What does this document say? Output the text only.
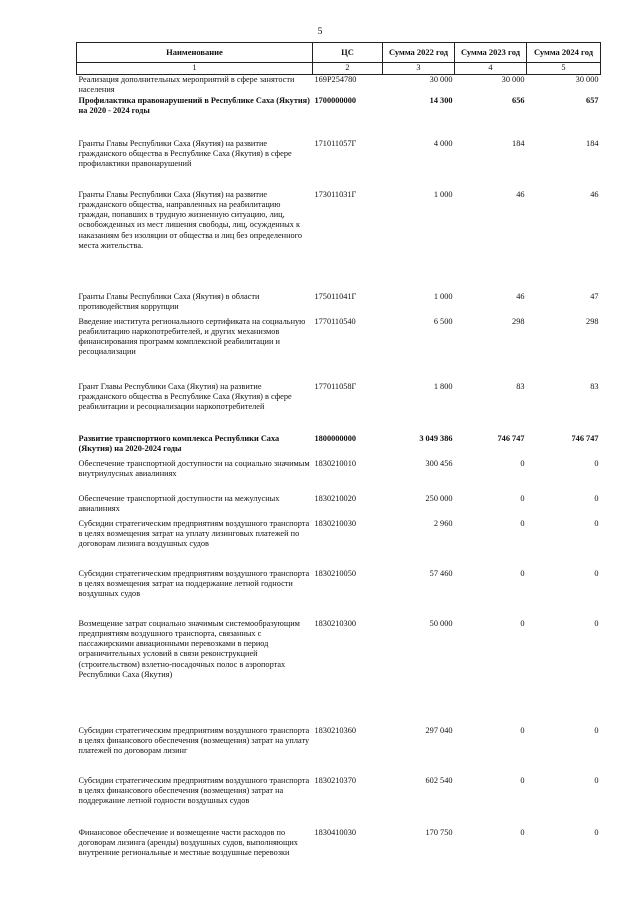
5
Наименование	ЦС	Сумма 2022 год	Сумма 2023 год	Сумма 2024 год
1	2	3	4	5
Реализация дополнительных мероприятий в сфере занятости населения	169P254780	30 000	30 000	30 000
Профилактика правонарушений в Республике Саха (Якутия) на 2020 - 2024 годы	1700000000	14 300	656	657
Гранты Главы Республики Саха (Якутия) на развитие гражданского общества в Республике Саха (Якутия) в сфере профилактики правонарушений	171011057Г	4 000	184	184
Гранты Главы Республики Саха (Якутия) на развитие гражданского общества, направленных на реабилитацию граждан, попавших в трудную жизненную ситуацию, лиц, освобожденных из мест лишения свободы, лиц, осужденных к наказаниям без изоляции от общества и лиц без определенного места жительства.	173011031Г	1 000	46	46
Гранты Главы Республики Саха (Якутия) в области противодействия коррупции	175011041Г	1 000	46	47
Введение института регионального сертификата на социальную реабилитацию наркопотребителей, и других механизмов финансирования программ комплексной реабилитации и ресоциализации	1770110540	6 500	298	298
Грант Главы Республики Саха (Якутия) на развитие гражданского общества в Республике Саха (Якутия) в сфере реабилитации и ресоциализации наркопотребителей	177011058Г	1 800	83	83
Развитие транспортного комплекса Республики Саха (Якутия) на 2020-2024 годы	1800000000	3 049 386	746 747	746 747
Обеспечение транспортной доступности на социально значимым внутриулусных авиалиниях	1830210010	300 456	0	0
Обеспечение транспортной доступности на межулусных авиалиниях	1830210020	250 000	0	0
Субсидии стратегическим предприятиям воздушного транспорта в целях возмещения затрат на уплату лизинговых платежей по договорам лизинга воздушных судов	1830210030	2 960	0	0
Субсидии стратегическим предприятиям воздушного транспорта в целях возмещения затрат на поддержание летной годности воздушных судов	1830210050	57 460	0	0
Возмещение затрат социально значимым системообразующим предприятиям воздушного транспорта, связанных с пассажирскими авиационными перевозками в период ограничительных условий в связи реконструкцией (строительством) взлетно-посадочных полос в аэропортах Республики Саха (Якутия)	1830210300	50 000	0	0
Субсидии стратегическим предприятиям воздушного транспорта в целях финансового обеспечения (возмещения) затрат на уплату платежей по договорам лизинг	1830210360	297 040	0	0
Субсидии стратегическим предприятиям воздушного транспорта в целях финансового обеспечения (возмещения) затрат на поддержание летной годности воздушных судов	1830210370	602 540	0	0
Финансовое обеспечение и возмещение части расходов по договорам лизинга (аренды) воздушных судов, выполняющих внутренние региональные и местные воздушные перевозки	1830410030	170 750	0	0
